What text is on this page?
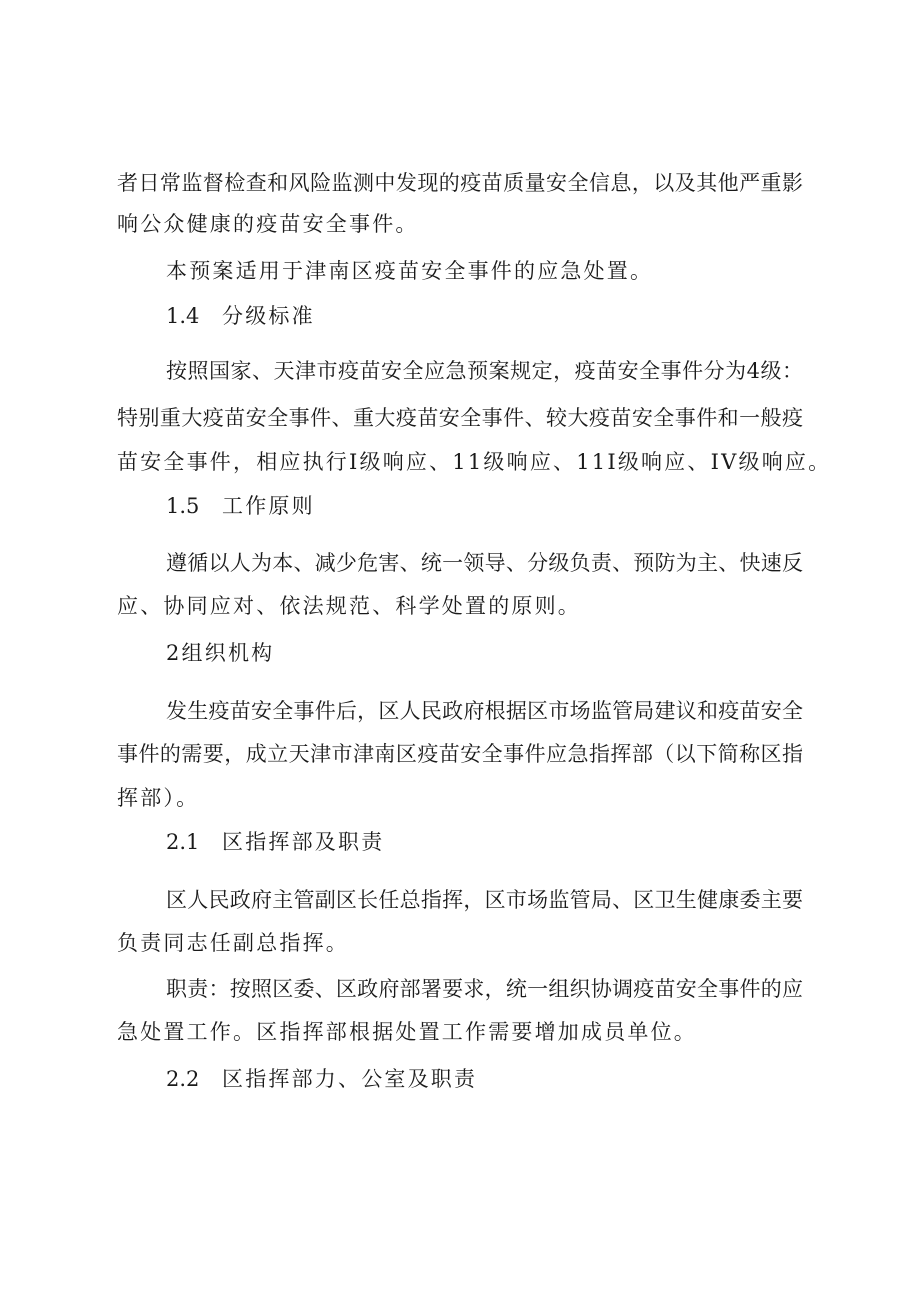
者日常监督检查和风险监测中发现的疫苗质量安全信息，以及其他严重影
响公众健康的疫苗安全事件。
本预案适用于津南区疫苗安全事件的应急处置。
1.4 分级标准
按照国家、天津市疫苗安全应急预案规定，疫苗安全事件分为4级：
特别重大疫苗安全事件、重大疫苗安全事件、较大疫苗安全事件和一般疫
苗安全事件，相应执行I级响应、11级响应、11I级响应、IV级响应。
1.5 工作原则
遵循以人为本、减少危害、统一领导、分级负责、预防为主、快速反
应、协同应对、依法规范、科学处置的原则。
2组织机构
发生疫苗安全事件后，区人民政府根据区市场监管局建议和疫苗安全
事件的需要，成立天津市津南区疫苗安全事件应急指挥部（以下简称区指
挥部）。
2.1 区指挥部及职责
区人民政府主管副区长任总指挥，区市场监管局、区卫生健康委主要
负责同志任副总指挥。
职责：按照区委、区政府部署要求，统一组织协调疫苗安全事件的应
急处置工作。区指挥部根据处置工作需要增加成员单位。
2.2 区指挥部力、公室及职责
